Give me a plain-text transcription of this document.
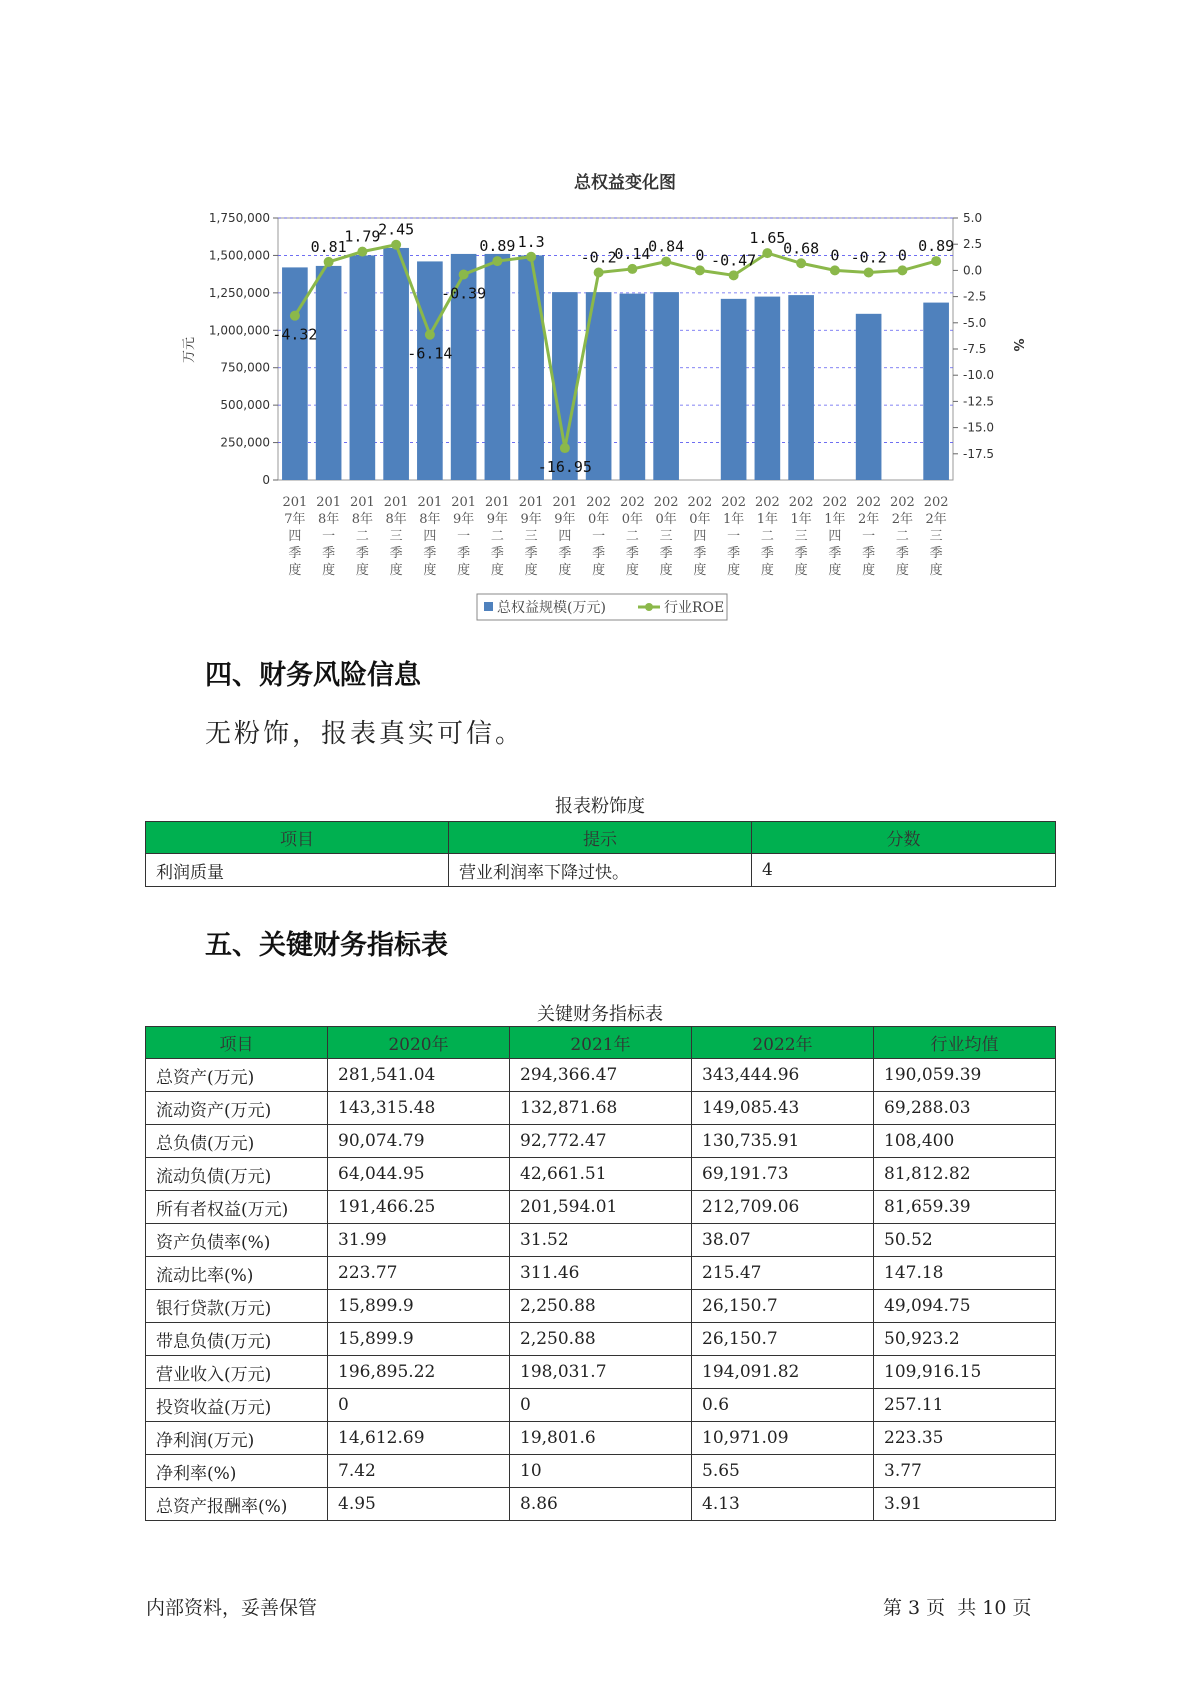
总权益变化图
0
250,000
500,000
750,000
1,000,000
1,250,000
1,500,000
1,750,000	5.0
2.5
0.0
-2.5
-5.0
-7.5
-10.0
-12.5
-15.0
-17.5
万元	%
201
7年
四
季
度
201
8年
一
季
度
201
8年
二
季
度
201
8年
三
季
度
201
8年
四
季
度
201
9年
一
季
度
201
9年
二
季
度
201
9年
三
季
度
201
9年
四
季
度
202
0年
一
季
度
202
0年
二
季
度
202
0年
三
季
度
202
0年
四
季
度
202
1年
一
季
度
202
1年
二
季
度
202
1年
三
季
度
202
1年
四
季
度
202
2年
一
季
度
202
2年
二
季
度
202
2年
三
季
度
-4.32
0.81
1.79
2.45
-6.14
-0.39
0.89 1.3
-16.95
-0.2
0.14
0.84 0 -0.47
1.65
0.68 0 -0.2 0
0.89
总权益规模(万元)	行业ROE
四、财务风险信息

无粉饰，报表真实可信。

报表粉饰度
项目	提示	分数
利润质量	营业利润率下降过快。	4
五、关键财务指标表
关键财务指标表
项目	2020年	2021年	2022年	行业均值
总资产(万元)	281,541.04	294,366.47	343,444.96	190,059.39
流动资产(万元)	143,315.48	132,871.68	149,085.43	69,288.03
总负债(万元)	90,074.79	92,772.47	130,735.91	108,400
流动负债(万元)	64,044.95	42,661.51	69,191.73	81,812.82
所有者权益(万元)	191,466.25	201,594.01	212,709.06	81,659.39
资产负债率(%)	31.99	31.52	38.07	50.52
流动比率(%)	223.77	311.46	215.47	147.18
银行贷款(万元)	15,899.9	2,250.88	26,150.7	49,094.75
带息负债(万元)	15,899.9	2,250.88	26,150.7	50,923.2
营业收入(万元)	196,895.22	198,031.7	194,091.82	109,916.15
投资收益(万元)	0	0	0.6	257.11
净利润(万元)	14,612.69	19,801.6	10,971.09	223.35
净利率(%)	7.42	10	5.65	3.77
总资产报酬率(%)	4.95	8.86	4.13	3.91
内部资料，妥善保管	第 3 页  共 10 页
